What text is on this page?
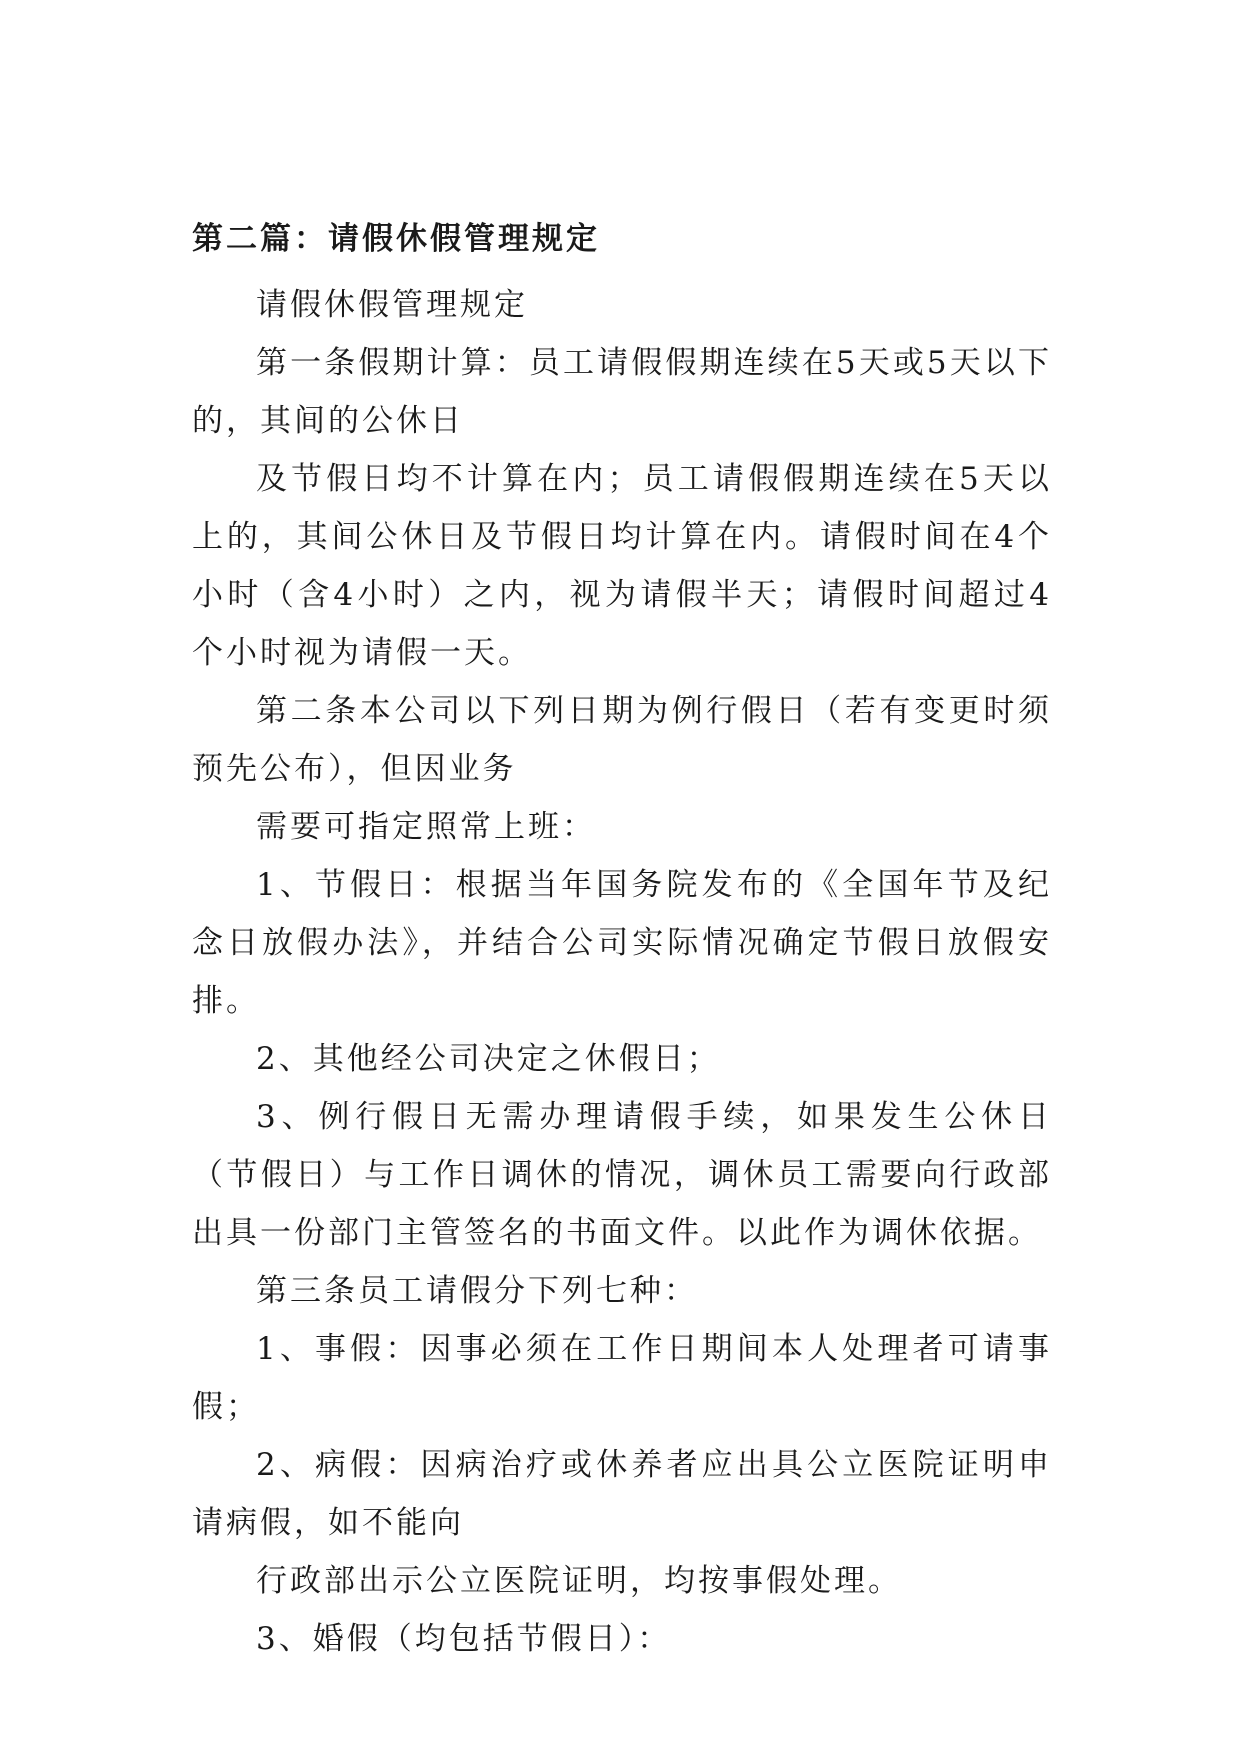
第二篇：请假休假管理规定

请假休假管理规定

第一条假期计算：员工请假假期连续在5天或5天以下的，其间的公休日

及节假日均不计算在内；员工请假假期连续在5天以上的，其间公休日及节假日均计算在内。请假时间在4个小时（含4小时）之内，视为请假半天；请假时间超过4个小时视为请假一天。

第二条本公司以下列日期为例行假日（若有变更时须预先公布），但因业务

需要可指定照常上班：

1、节假日：根据当年国务院发布的《全国年节及纪念日放假办法》，并结合公司实际情况确定节假日放假安排。

2、其他经公司决定之休假日；

3、例行假日无需办理请假手续，如果发生公休日（节假日）与工作日调休的情况，调休员工需要向行政部出具一份部门主管签名的书面文件。以此作为调休依据。

第三条员工请假分下列七种：

1、事假：因事必须在工作日期间本人处理者可请事假；

2、病假：因病治疗或休养者应出具公立医院证明申请病假，如不能向

行政部出示公立医院证明，均按事假处理。

3、婚假（均包括节假日）：
